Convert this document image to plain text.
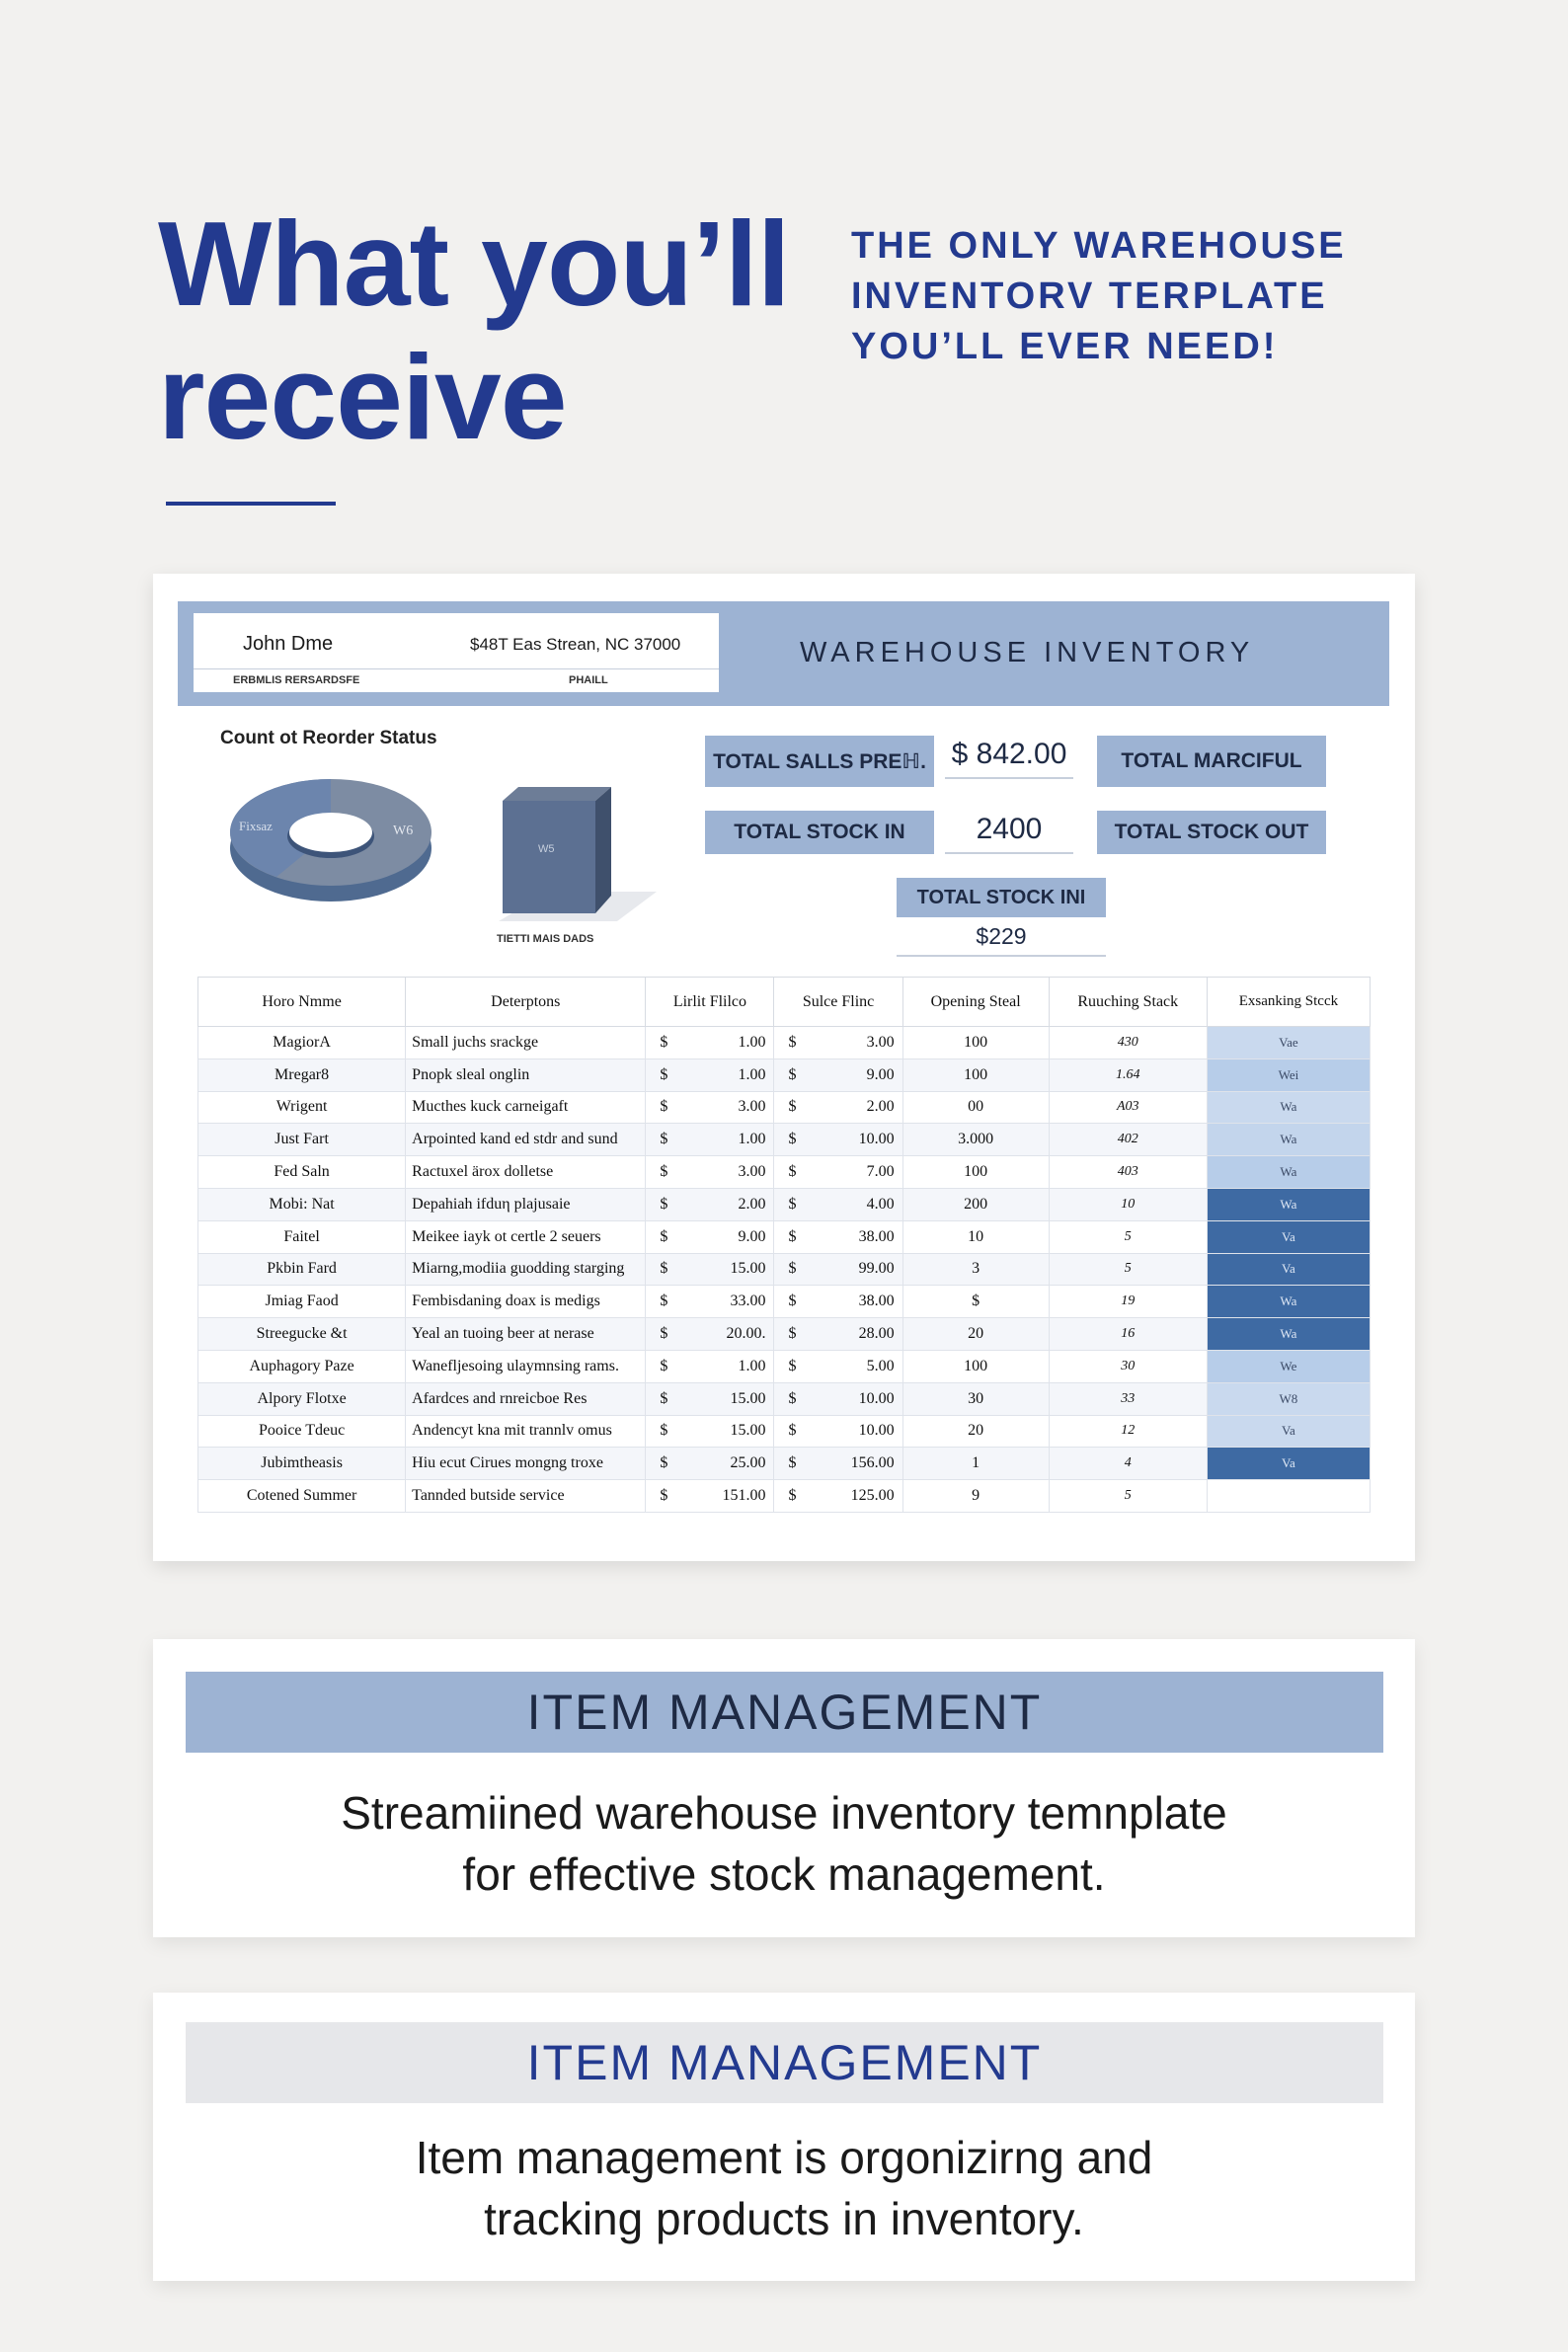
What you’ll
receive
THE ONLY WAREHOUSE
INVENTORV TERPLATE
YOU’LL EVER NEED!
John Dme	$48T Eas Strean, NC 37000
ERBMLIS RERSARDSFE	PHAILL
WAREHOUSE INVENTORY
Count ot Reorder Status
Fixsaz	W6
W5
TIETTI MAIS DADS
TOTAL SALLS PREℍ. $ 842.00	TOTAL MARCIFUL
TOTAL STOCK IN	2400	TOTAL STOCK OUT
TOTAL STOCK INI
$229
Horo Nmme	Deterptons	Lirlit Flilco	Sulce Flinc	Opening Steal	Ruuching Stack	Exsanking Stcck
MagiorA	Small juchs srackge	$ 1.00	$ 3.00	100	430	Vae
Mregar8	Pnopk sleal onglin	$ 1.00	$ 9.00	100	1.64	Wei
Wrigent	Mucthes kuck carneigaft	$ 3.00	$ 2.00	00	A03	Wa
Just Fart	Arpointed kand ed stdr and sund	$ 1.00	$ 10.00	3.000	402	Wa
Fed Saln	Ractuxel ärox dolletse	$ 3.00	$ 7.00	100	403	Wa
Mobi: Nat	Depahiah ifduη plajusaie	$ 2.00	$ 4.00	200	10	Wa
Faitel	Meikee iayk ot certle 2 seuers	$ 9.00	$ 38.00	10	5	Va
Pkbin Fard	Miarng,modiia guodding starging	$ 15.00	$ 99.00	3	5	Va
Jmiag Faod	Fembisdaning doax is medigs	$ 33.00	$ 38.00	$	19	Wa
Streegucke &t	Yeal an tuoing beer at nerase	$ 20.00.	$ 28.00	20	16	Wa
Auphagory Paze	Wanefljesoing ulaymnsing rams.	$ 1.00	$ 5.00	100	30	We
Alpory Flotxe	Afardces and rnreicboe Res	$ 15.00	$ 10.00	30	33	W8
Pooice Tdeuc	Andencyt kna mit trannlv omus	$ 15.00	$ 10.00	20	12	Va
Jubimtheasis	Hiu ecut Cirues mongng troxe	$ 25.00	$ 156.00	1	4	Va
Cotened Summer	Tannded butside service	$ 151.00	$ 125.00	9	5	
ITEM MANAGEMENT
Streamiined warehouse inventory temnplate
for effective stock management.
ITEM MANAGEMENT
Item management is orgonizirng and
tracking products in inventory.
